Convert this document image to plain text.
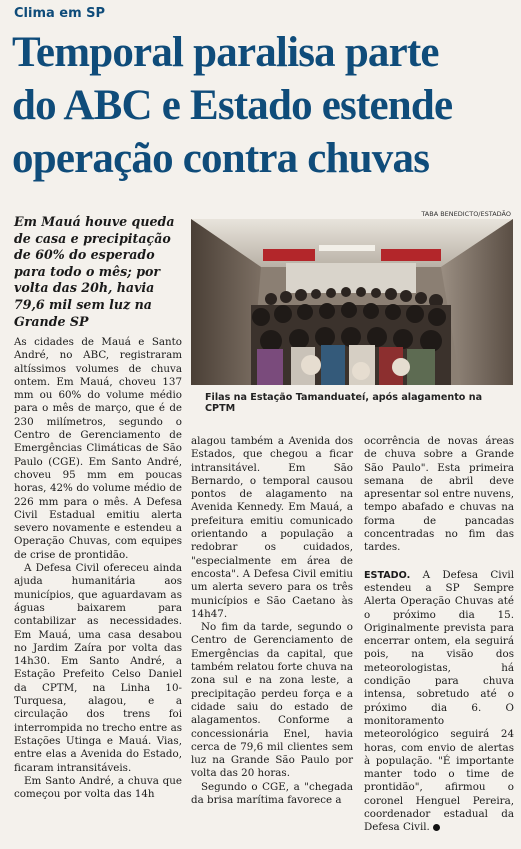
Clima em SP
Temporal paralisa parte
do ABC e Estado estende
operação contra chuvas
Em Mauá houve queda de casa e precipitação de 60% do esperado para todo o mês; por volta das 20h, havia 79,6 mil sem luz na Grande SP
TABA BENEDICTO/ESTADÃO
Filas na Estação Tamanduateí, após alagamento na CPTM

As cidades de Mauá e Santo André, no ABC, registraram altíssimos volumes de chuva ontem. Em Mauá, choveu 137 mm ou 60% do volume médio para o mês de março, que é de 230 milímetros, segundo o Centro de Gerenciamento de Emergências Climáticas de São Paulo (CGE). Em Santo André, choveu 95 mm em poucas horas, 42% do volume médio de 226 mm para o mês. A Defesa Civil Estadual emitiu alerta severo novamente e estendeu a Operação Chuvas, com equipes de crise de prontidão.

A Defesa Civil ofereceu ainda ajuda humanitária aos municípios, que aguardavam as águas baixarem para contabilizar as necessidades. Em Mauá, uma casa desabou no Jardim Zaíra por volta das 14h30. Em Santo André, a Estação Prefeito Celso Daniel da CPTM, na Linha 10-Turquesa, alagou, e a circulação dos trens foi interrompida no trecho entre as Estações Utinga e Mauá. Vias, entre elas a Avenida do Estado, ficaram intransitáveis.

Em Santo André, a chuva que começou por volta das 14h

alagou também a Avenida dos Estados, que chegou a ficar intransitável. Em São Bernardo, o temporal causou pontos de alagamento na Avenida Kennedy. Em Mauá, a prefeitura emitiu comunicado orientando a população a redobrar os cuidados, "especialmente em área de encosta". A Defesa Civil emitiu um alerta severo para os três municípios e São Caetano às 14h47.

No fim da tarde, segundo o Centro de Gerenciamento de Emergências da capital, que também relatou forte chuva na zona sul e na zona leste, a precipitação perdeu força e a cidade saiu do estado de alagamentos. Conforme a concessionária Enel, havia cerca de 79,6 mil clientes sem luz na Grande São Paulo por volta das 20 horas.

Segundo o CGE, a "chegada da brisa marítima favorece a

ocorrência de novas áreas de chuva sobre a Grande São Paulo". Esta primeira semana de abril deve apresentar sol entre nuvens, tempo abafado e chuvas na forma de pancadas concentradas no fim das tardes.

ESTADO. A Defesa Civil estendeu a SP Sempre Alerta Operação Chuvas até o próximo dia 15. Originalmente prevista para encerrar ontem, ela seguirá pois, na visão dos meteorologistas, há condição para chuva intensa, sobretudo até o próximo dia 6. O monitoramento meteorológico seguirá 24 horas, com envio de alertas à população. "É importante manter todo o time de prontidão", afirmou o coronel Henguel Pereira, coordenador estadual da Defesa Civil.
